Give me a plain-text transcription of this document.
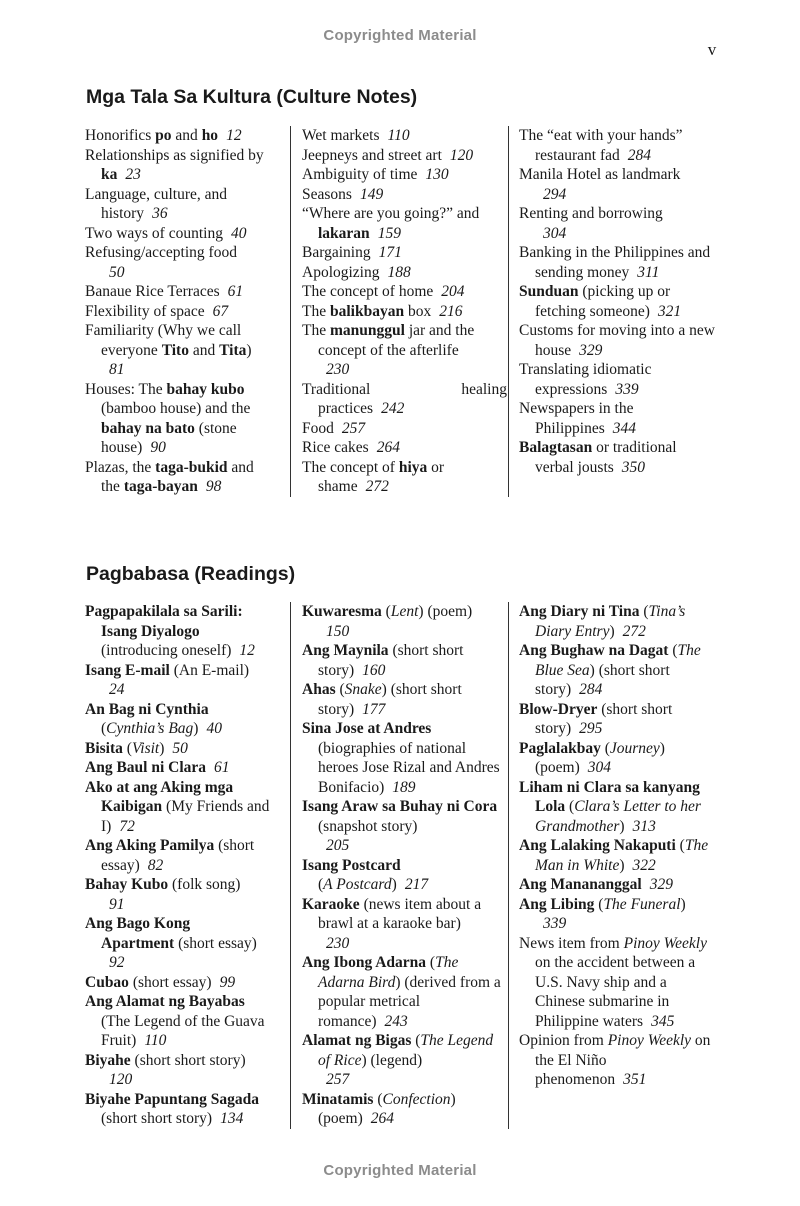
Copyrighted Material
v
Mga Tala Sa Kultura (Culture Notes)
Honorifics po and ho 12
Relationships as signified by ka 23
Language, culture, and history 36
Two ways of counting 40
Refusing/accepting food
50
Banaue Rice Terraces 61
Flexibility of space 67
Familiarity (Why we call everyone Tito and Tita)
81
Houses: The bahay kubo (bamboo house) and the bahay na bato (stone house) 90
Plazas, the taga-bukid and the taga-bayan 98
Wet markets 110
Jeepneys and street art 120
Ambiguity of time 130
Seasons 149
“Where are you going?” and lakaran 159
Bargaining 171
Apologizing 188
The concept of home 204
The balikbayan box 216
The manunggul jar and the concept of the afterlife
230
Traditional healing
practices 242
Food 257
Rice cakes 264
The concept of hiya or shame 272
The “eat with your hands” restaurant fad 284
Manila Hotel as landmark
294
Renting and borrowing
304
Banking in the Philippines and sending money 311
Sunduan (picking up or fetching someone) 321
Customs for moving into a new house 329
Translating idiomatic expressions 339
Newspapers in the Philippines 344
Balagtasan or traditional verbal jousts 350
Pagbabasa (Readings)
Pagpapakilala sa Sarili: Isang Diyalogo (introducing oneself) 12
Isang E-mail (An E-mail)
24
An Bag ni Cynthia
(Cynthia’s Bag) 40
Bisita (Visit) 50
Ang Baul ni Clara 61
Ako at ang Aking mga Kaibigan (My Friends and I) 72
Ang Aking Pamilya (short essay) 82
Bahay Kubo (folk song)
91
Ang Bago Kong
Apartment (short essay)
92
Cubao (short essay) 99
Ang Alamat ng Bayabas (The Legend of the Guava Fruit) 110
Biyahe (short short story)
120
Biyahe Papuntang Sagada (short short story) 134
Kuwaresma (Lent) (poem)
150
Ang Maynila (short short story) 160
Ahas (Snake) (short short story) 177
Sina Jose at Andres (biographies of national heroes Jose Rizal and Andres Bonifacio) 189
Isang Araw sa Buhay ni Cora (snapshot story)
205
Isang Postcard
(A Postcard) 217
Karaoke (news item about a brawl at a karaoke bar)
230
Ang Ibong Adarna (The Adarna Bird) (derived from a popular metrical romance) 243
Alamat ng Bigas (The Legend of Rice) (legend)
257
Minatamis (Confection) (poem) 264
Ang Diary ni Tina (Tina’s Diary Entry) 272
Ang Bughaw na Dagat (The Blue Sea) (short short story) 284
Blow-Dryer (short short story) 295
Paglalakbay (Journey) (poem) 304
Liham ni Clara sa kanyang Lola (Clara’s Letter to her Grandmother) 313
Ang Lalaking Nakaputi (The Man in White) 322
Ang Manananggal 329
Ang Libing (The Funeral)
339
News item from Pinoy Weekly on the accident between a U.S. Navy ship and a Chinese submarine in Philippine waters 345
Opinion from Pinoy Weekly on the El Niño phenomenon 351
Copyrighted Material
